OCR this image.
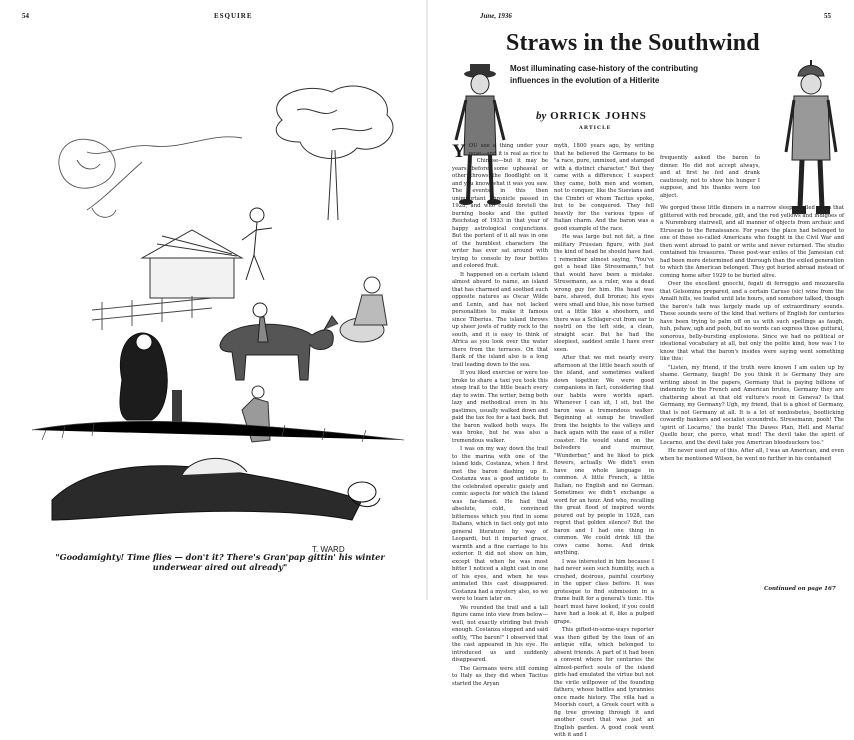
54	ESQUIRE
T. WARD
"Goodamighty! Time flies — don't it? There's Gran'pap gittin' his winter underwear aired out already"
June, 1936	55
Straws in the Southwind
Most illuminating case-history of the contributing influences in the evolution of a Hitlerite
by ORRICK JOHNS
ARTICLE

YOU see a thing under your nose—and it is real as rice to a Chinese—but it may be years before some upheaval or other throws the floodlight on it and you know what it was you saw. The events in this then unimportant chronicle passed in 1928, and who could foretell the burning books and the gutted Reichstag of 1933 in that year of happy astrological conjunctions. But the portent of it all was in one of the humblest characters the writer has ever sat around with trying to console by four bottles and colored fruit.

It happened on a certain island almost absurd to name, an island that has charmed and soothed such opposite natures as Oscar Wilde and Lenin, and has not lacked personalities to make it famous since Tiberius. The island throws up sheer jowls of ruddy rock to the south, and it is easy to think of Africa as you look over the water there from the terraces. On that flank of the island also is a long trail leading down to the sea.

If you liked exercise or were too broke to share a taxi you took this steep trail to the little beach every day to swim. The writer, being both lazy and methodical even in his pastimes, usually walked down and paid the tax fee for a taxi back. But the baron walked both ways. He was broke, but he was also a tremendous walker.

I was on my way down the trail to the marina with one of the island kids, Costanza, when I first met the baron dashing up it. Costanza was a good antidote to the celebrated operatic gaiety and comic aspects for which the island was far-famed. He had that absolute, cold, convinced bitterness which you find in some Italians, which in fact only got into general literature by way of Leopardi, but it imparted grace, warmth and a fine carriage to his exterior. It did not show on him, except that when he was most bitter I noticed a slight cast in one of his eyes, and when he was animated this cast disappeared. Costanza had a mystery also, so we were to learn later on.

We rounded the trail and a tall figure came into view from below—well, not exactly striding but fresh enough. Costanza stopped and said softly, "The baron!" I observed that the cast appeared in his eye. He introduced us and suddenly disappeared.

The Germans were still coming to Italy as they did when Tacitus started the Aryan

myth, 1800 years ago, by writing that he believed the Germans to be "a race, pure, unmixed, and stamped with a distinct character." But they came with a difference; I suspect they came, both men and women, not to conquer, like the Suevians and the Cimbri of whom Tacitus spoke, but to be conquered. They fell heavily for the various types of Italian charm. And the baron was a good example of the race.

He was large but not fat, a fine military Prussian figure, with just the kind of head he should have had. I remember almost saying, "You've got a head like Stresemann," but that would have been a mistake. Stresemann, as a ruler, was a dead wrong guy for him. His head was bare, shaved, dull bronze; his eyes were small and blue, his nose turned out a little like a shoehorn, and there was a Schlager-cut from ear to nostril on the left side, a clean, straight scar. But he had the sleepiest, saddest smile I have ever seen.

After that we met nearly every afternoon at the little beach south of the island, and sometimes walked down together. We were good companions in fact, considering that our habits were worlds apart. Whenever I can sit, I sit, but the baron was a tremendous walker. Beginning at sunup he travelled from the heights to the valleys and back again with the ease of a roller coaster. He would stand on the belvedere and murmur, "Wunderbar," and he liked to pick flowers, actually. We didn't even have one whole language in common. A little French, a little Italian, no English and no German. Sometimes we didn't exchange a word for an hour. And who, recalling the great flood of inspired words poured out by people in 1928, can regret that golden silence? But the baron and I had one thing in common. We could drink till the cows came home. And drink anything.

I was interested in him because I had never seen such humility, such a crushed, desirous, painful courtesy in the upper class before. It was grotesque to find submission in a frame built for a general's tunic. His heart must have looked, if you could have had a look at it, like a pulped grape.

This gifted-in-some-ways reporter was then gifted by the loan of an antique villa, which belonged to absent friends. A part of it had been a convent where for centuries the almost-perfect souls of the island girls had emulated the virtue but not the virile willpower of the founding fathers, whose battles and tyrannies once made history. The villa had a Moorish court, a Greek court with a fig tree growing through it and another court that was just an English garden. A good cook went with it and I

frequently asked the baron to dinner. He did not accept always, and at first he fed and drank cautiously, not to show his hunger I suppose, and his thanks were too abject.

We gorged these little dinners in a narrow sleepy-walled salon that glittered with red brocade, gilt, and the red yellows and indigoes of a Nuremburg stairwell, and all manner of objects from archaic and Etruscan to the Renaissance. For years the place had belonged to one of those so-called Americans who fought in the Civil War and then went abroad to paint or write and never returned. The studio contained his treasures. These post-war exiles of the Jamesian cut had been more determined and thorough than the exiled generation to which the American belonged. They got buried abroad instead of coming home after 1929 to be buried alive.

Over the excellent gnocchi, fegati di ferreggio and mozzarella that Gelsomina prepared, and a certain Caruso (sic) wine from the Amalfi hills, we loafed until late hours, and somehow talked, though the baron's talk was largely made up of extraordinary sounds. These sounds were of the kind that writers of English for centuries have been trying to palm off on us with such spellings as faugh, huh, pshaw, ugh and pooh, but no words can express those guttural, sonorous, belly-bursting explosions. Since we had no political or ideational vocabulary at all, but only the polite kind, how was I to know that what the baron's insides were saying went something like this:

"Listen, my friend, if the truth were known I am eaten up by shame. Germany, faugh! Do you think it is Germany they are writing about in the papers, Germany that is paying billions of indemnity to the French and American brutes, Germany they are chattering about at that old vulture's roost in Geneva? Is that Germany, my Germany? Ugh, my friend, that is a ghost of Germany, that is not Germany at all. It is a lot of nonlosbetes, bootlicking cowardly bankers and socialist scoundrels. Stresemann, pooh! The 'spirit of Locarno,' the bunk! The Dawes Plan, Hell and Maria! Quelle bour, che porco, what mud! The devil take the spirit of Locarno, and the devil take you American bloodsuckers too."

He never used any of this. After all, I was an American, and even when he mentioned Wilson, he went no further in his contained

Continued on page 167
